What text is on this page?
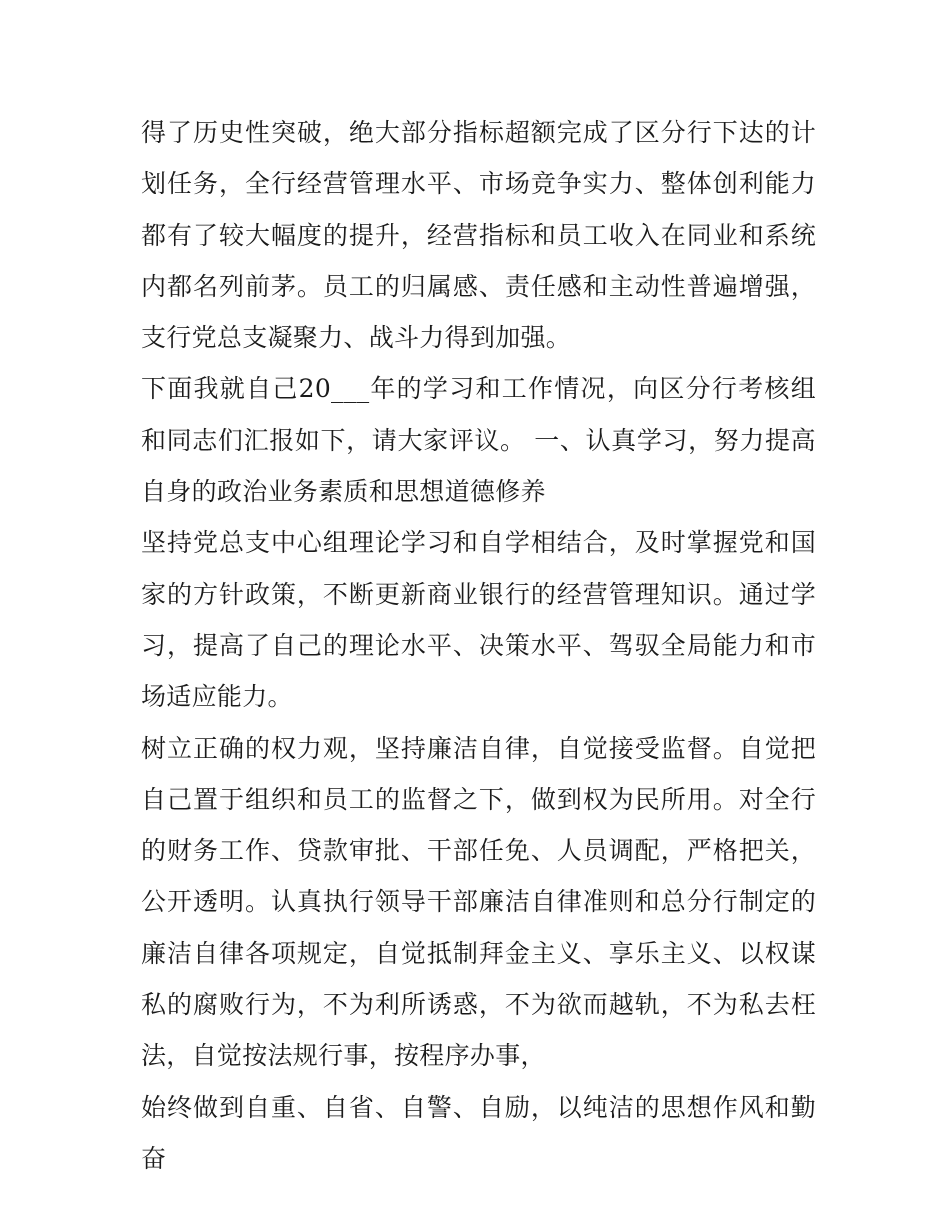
得了历史性突破，绝大部分指标超额完成了区分行下达的计划任务，全行经营管理水平、市场竞争实力、整体创利能力都有了较大幅度的提升，经营指标和员工收入在同业和系统内都名列前茅。员工的归属感、责任感和主动性普遍增强，支行党总支凝聚力、战斗力得到加强。

下面我就自己20___年的学习和工作情况，向区分行考核组和同志们汇报如下，请大家评议。 一、认真学习，努力提高自身的政治业务素质和思想道德修养

坚持党总支中心组理论学习和自学相结合，及时掌握党和国家的方针政策，不断更新商业银行的经营管理知识。通过学习，提高了自己的理论水平、决策水平、驾驭全局能力和市场适应能力。

树立正确的权力观，坚持廉洁自律，自觉接受监督。自觉把自己置于组织和员工的监督之下，做到权为民所用。对全行的财务工作、贷款审批、干部任免、人员调配，严格把关，公开透明。认真执行领导干部廉洁自律准则和总分行制定的廉洁自律各项规定，自觉抵制拜金主义、享乐主义、以权谋私的腐败行为，不为利所诱惑，不为欲而越轨，不为私去枉法，自觉按法规行事，按程序办事，

始终做到自重、自省、自警、自励，以纯洁的思想作风和勤奋
